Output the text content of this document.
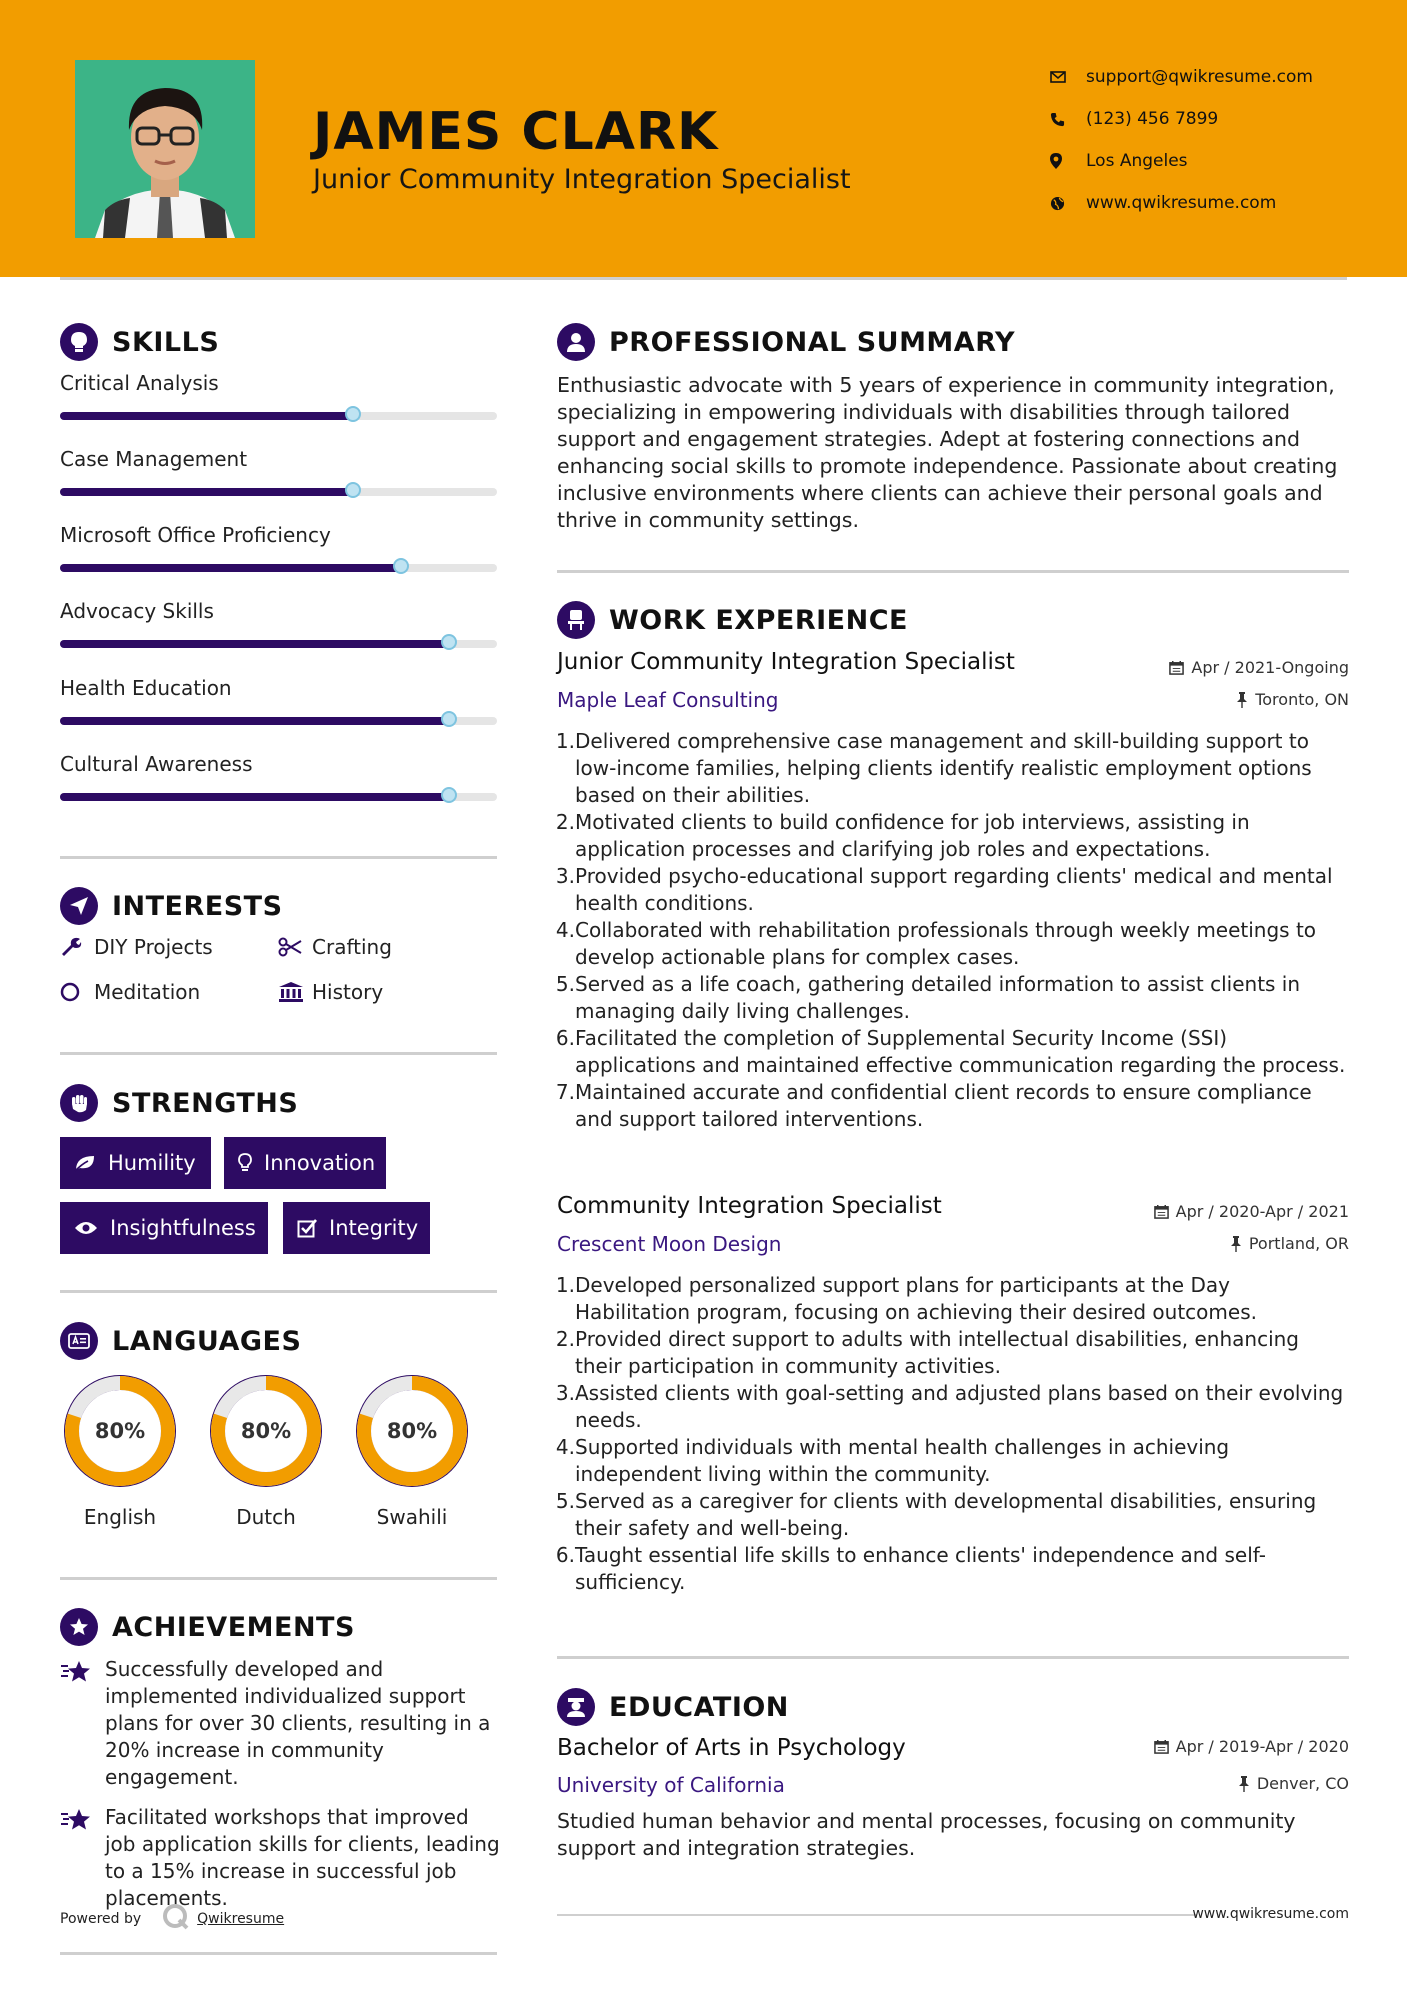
JAMES CLARK
Junior Community Integration Specialist
support@qwikresume.com
(123) 456 7899
Los Angeles
www.qwikresume.com
SKILLS
Critical Analysis
Case Management
Microsoft Office Proficiency
Advocacy Skills
Health Education
Cultural Awareness
INTERESTS
DIY Projects	Crafting
Meditation	History
STRENGTHS
Humility	Innovation
Insightfulness	Integrity
LANGUAGES
80%
English
80%
Dutch
80%
Swahili
ACHIEVEMENTS
Successfully developed and implemented individualized support plans for over 30 clients, resulting in a 20% increase in community engagement.
Facilitated workshops that improved job application skills for clients, leading to a 15% increase in successful job placements.
Powered by	Qwikresume
PROFESSIONAL SUMMARY
Enthusiastic advocate with 5 years of experience in community integration, specializing in empowering individuals with disabilities through tailored support and engagement strategies. Adept at fostering connections and enhancing social skills to promote independence. Passionate about creating inclusive environments where clients can achieve their personal goals and thrive in community settings.
WORK EXPERIENCE
Junior Community Integration Specialist	Apr / 2021-Ongoing
Maple Leaf Consulting	Toronto, ON
1. Delivered comprehensive case management and skill-building support to low-income families, helping clients identify realistic employment options based on their abilities.
2. Motivated clients to build confidence for job interviews, assisting in application processes and clarifying job roles and expectations.
3. Provided psycho-educational support regarding clients' medical and mental health conditions.
4. Collaborated with rehabilitation professionals through weekly meetings to develop actionable plans for complex cases.
5. Served as a life coach, gathering detailed information to assist clients in managing daily living challenges.
6. Facilitated the completion of Supplemental Security Income (SSI) applications and maintained effective communication regarding the process.
7. Maintained accurate and confidential client records to ensure compliance and support tailored interventions.
Community Integration Specialist	Apr / 2020-Apr / 2021
Crescent Moon Design	Portland, OR
1. Developed personalized support plans for participants at the Day Habilitation program, focusing on achieving their desired outcomes.
2. Provided direct support to adults with intellectual disabilities, enhancing their participation in community activities.
3. Assisted clients with goal-setting and adjusted plans based on their evolving needs.
4. Supported individuals with mental health challenges in achieving independent living within the community.
5. Served as a caregiver for clients with developmental disabilities, ensuring their safety and well-being.
6. Taught essential life skills to enhance clients' independence and self-sufficiency.
EDUCATION
Bachelor of Arts in Psychology	Apr / 2019-Apr / 2020
University of California	Denver, CO
Studied human behavior and mental processes, focusing on community support and integration strategies.
www.qwikresume.com
